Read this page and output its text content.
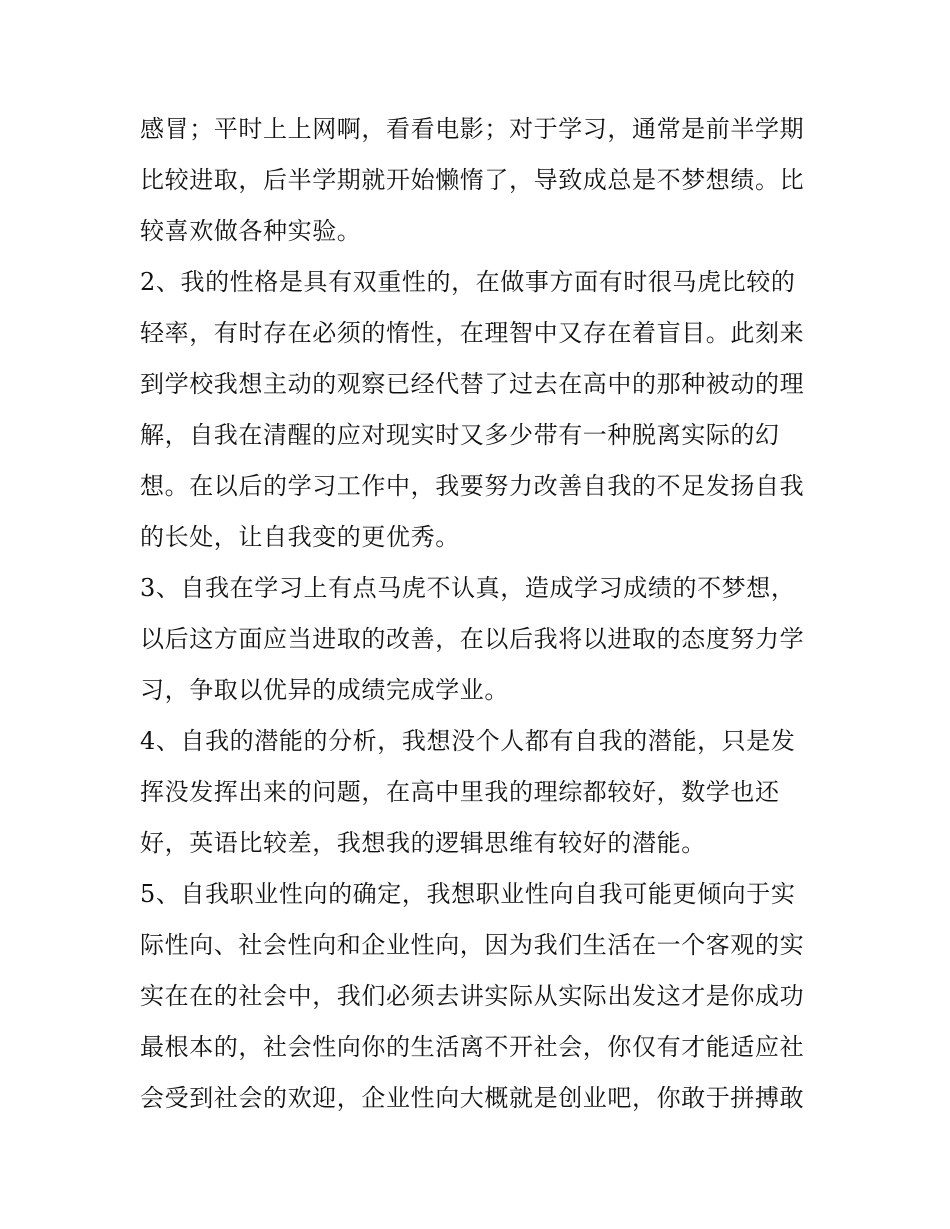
感冒；平时上上网啊，看看电影；对于学习，通常是前半学期
比较进取，后半学期就开始懒惰了，导致成总是不梦想绩。比
较喜欢做各种实验。
2、我的性格是具有双重性的，在做事方面有时很马虎比较的
轻率，有时存在必须的惰性，在理智中又存在着盲目。此刻来
到学校我想主动的观察已经代替了过去在高中的那种被动的理
解，自我在清醒的应对现实时又多少带有一种脱离实际的幻
想。在以后的学习工作中，我要努力改善自我的不足发扬自我
的长处，让自我变的更优秀。
3、自我在学习上有点马虎不认真，造成学习成绩的不梦想，
以后这方面应当进取的改善，在以后我将以进取的态度努力学
习，争取以优异的成绩完成学业。
4、自我的潜能的分析，我想没个人都有自我的潜能，只是发
挥没发挥出来的问题，在高中里我的理综都较好，数学也还
好，英语比较差，我想我的逻辑思维有较好的潜能。
5、自我职业性向的确定，我想职业性向自我可能更倾向于实
际性向、社会性向和企业性向，因为我们生活在一个客观的实
实在在的社会中，我们必须去讲实际从实际出发这才是你成功
最根本的，社会性向你的生活离不开社会，你仅有才能适应社
会受到社会的欢迎，企业性向大概就是创业吧，你敢于拼搏敢
